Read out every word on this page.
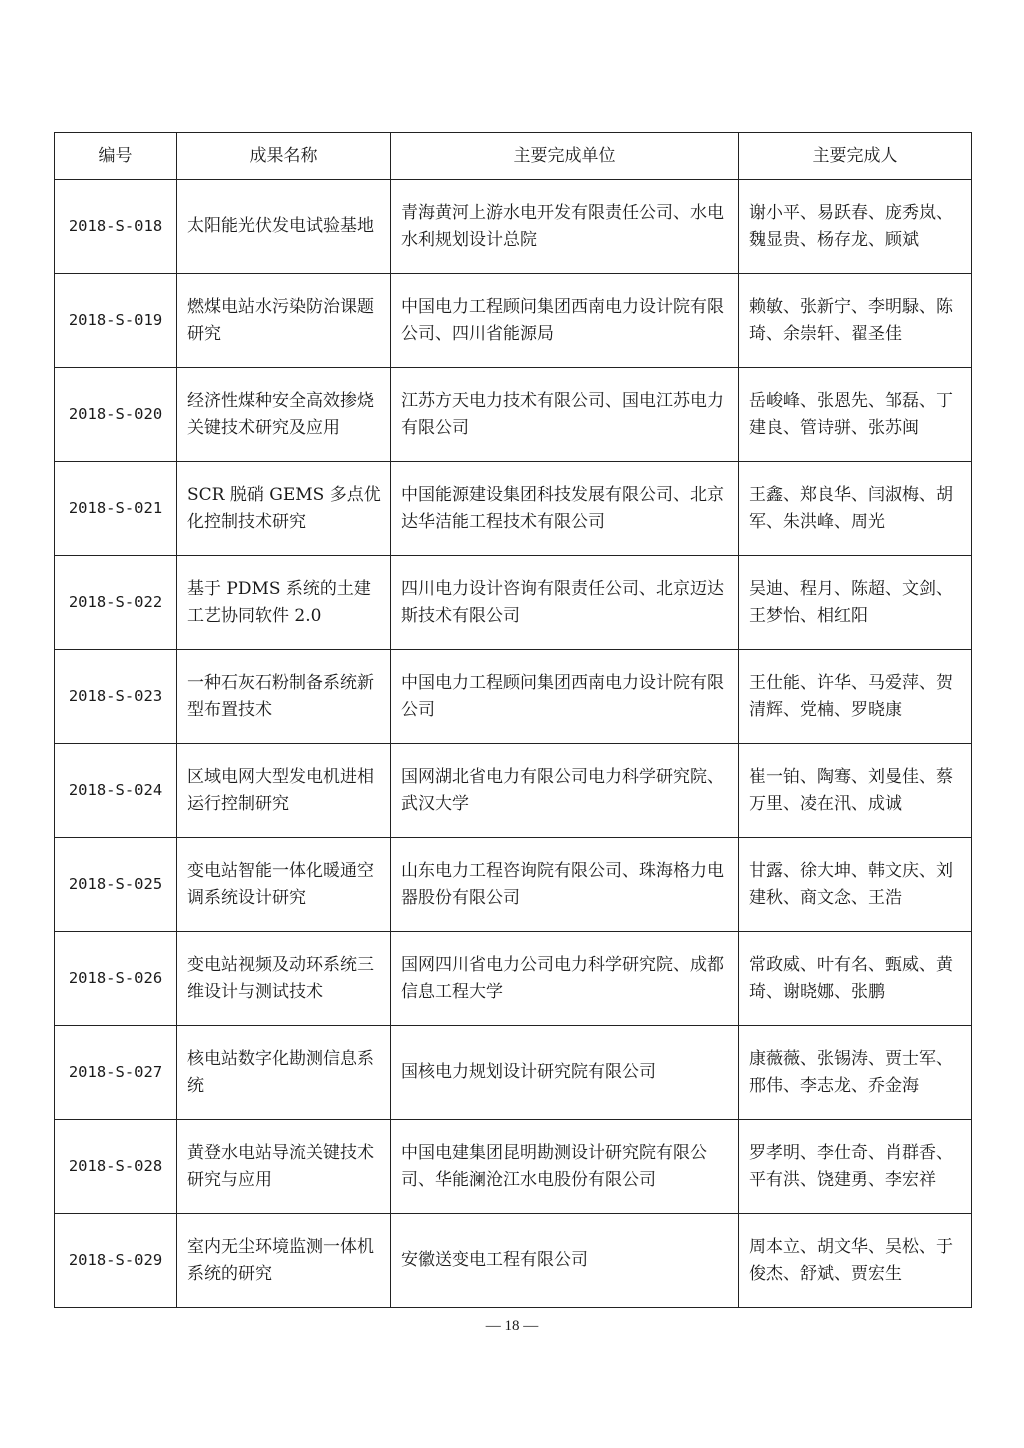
编号	成果名称	主要完成单位	主要完成人
2018-S-018	太阳能光伏发电试验基地	青海黄河上游水电开发有限责任公司、水电水利规划设计总院	谢小平、易跃春、庞秀岚、魏显贵、杨存龙、顾斌
2018-S-019	燃煤电站水污染防治课题研究	中国电力工程顾问集团西南电力设计院有限公司、四川省能源局	赖敏、张新宁、李明騄、陈琦、余崇轩、翟圣佳
2018-S-020	经济性煤种安全高效掺烧关键技术研究及应用	江苏方天电力技术有限公司、国电江苏电力有限公司	岳峻峰、张恩先、邹磊、丁建良、管诗骈、张苏闽
2018-S-021	SCR 脱硝 GEMS 多点优化控制技术研究	中国能源建设集团科技发展有限公司、北京达华洁能工程技术有限公司	王鑫、郑良华、闫淑梅、胡军、朱洪峰、周光
2018-S-022	基于 PDMS 系统的土建工艺协同软件 2.0	四川电力设计咨询有限责任公司、北京迈达斯技术有限公司	吴迪、程月、陈超、文剑、王梦怡、相红阳
2018-S-023	一种石灰石粉制备系统新型布置技术	中国电力工程顾问集团西南电力设计院有限公司	王仕能、许华、马爱萍、贺清辉、党楠、罗晓康
2018-S-024	区域电网大型发电机进相运行控制研究	国网湖北省电力有限公司电力科学研究院、武汉大学	崔一铂、陶骞、刘曼佳、蔡万里、凌在汛、成诚
2018-S-025	变电站智能一体化暖通空调系统设计研究	山东电力工程咨询院有限公司、珠海格力电器股份有限公司	甘露、徐大坤、韩文庆、刘建秋、商文念、王浩
2018-S-026	变电站视频及动环系统三维设计与测试技术	国网四川省电力公司电力科学研究院、成都信息工程大学	常政威、叶有名、甄威、黄琦、谢晓娜、张鹏
2018-S-027	核电站数字化勘测信息系统	国核电力规划设计研究院有限公司	康薇薇、张锡涛、贾士军、邢伟、李志龙、乔金海
2018-S-028	黄登水电站导流关键技术研究与应用	中国电建集团昆明勘测设计研究院有限公司、华能澜沧江水电股份有限公司	罗孝明、李仕奇、肖群香、平有洪、饶建勇、李宏祥
2018-S-029	室内无尘环境监测一体机系统的研究	安徽送变电工程有限公司	周本立、胡文华、吴松、于俊杰、舒斌、贾宏生
— 18 —
